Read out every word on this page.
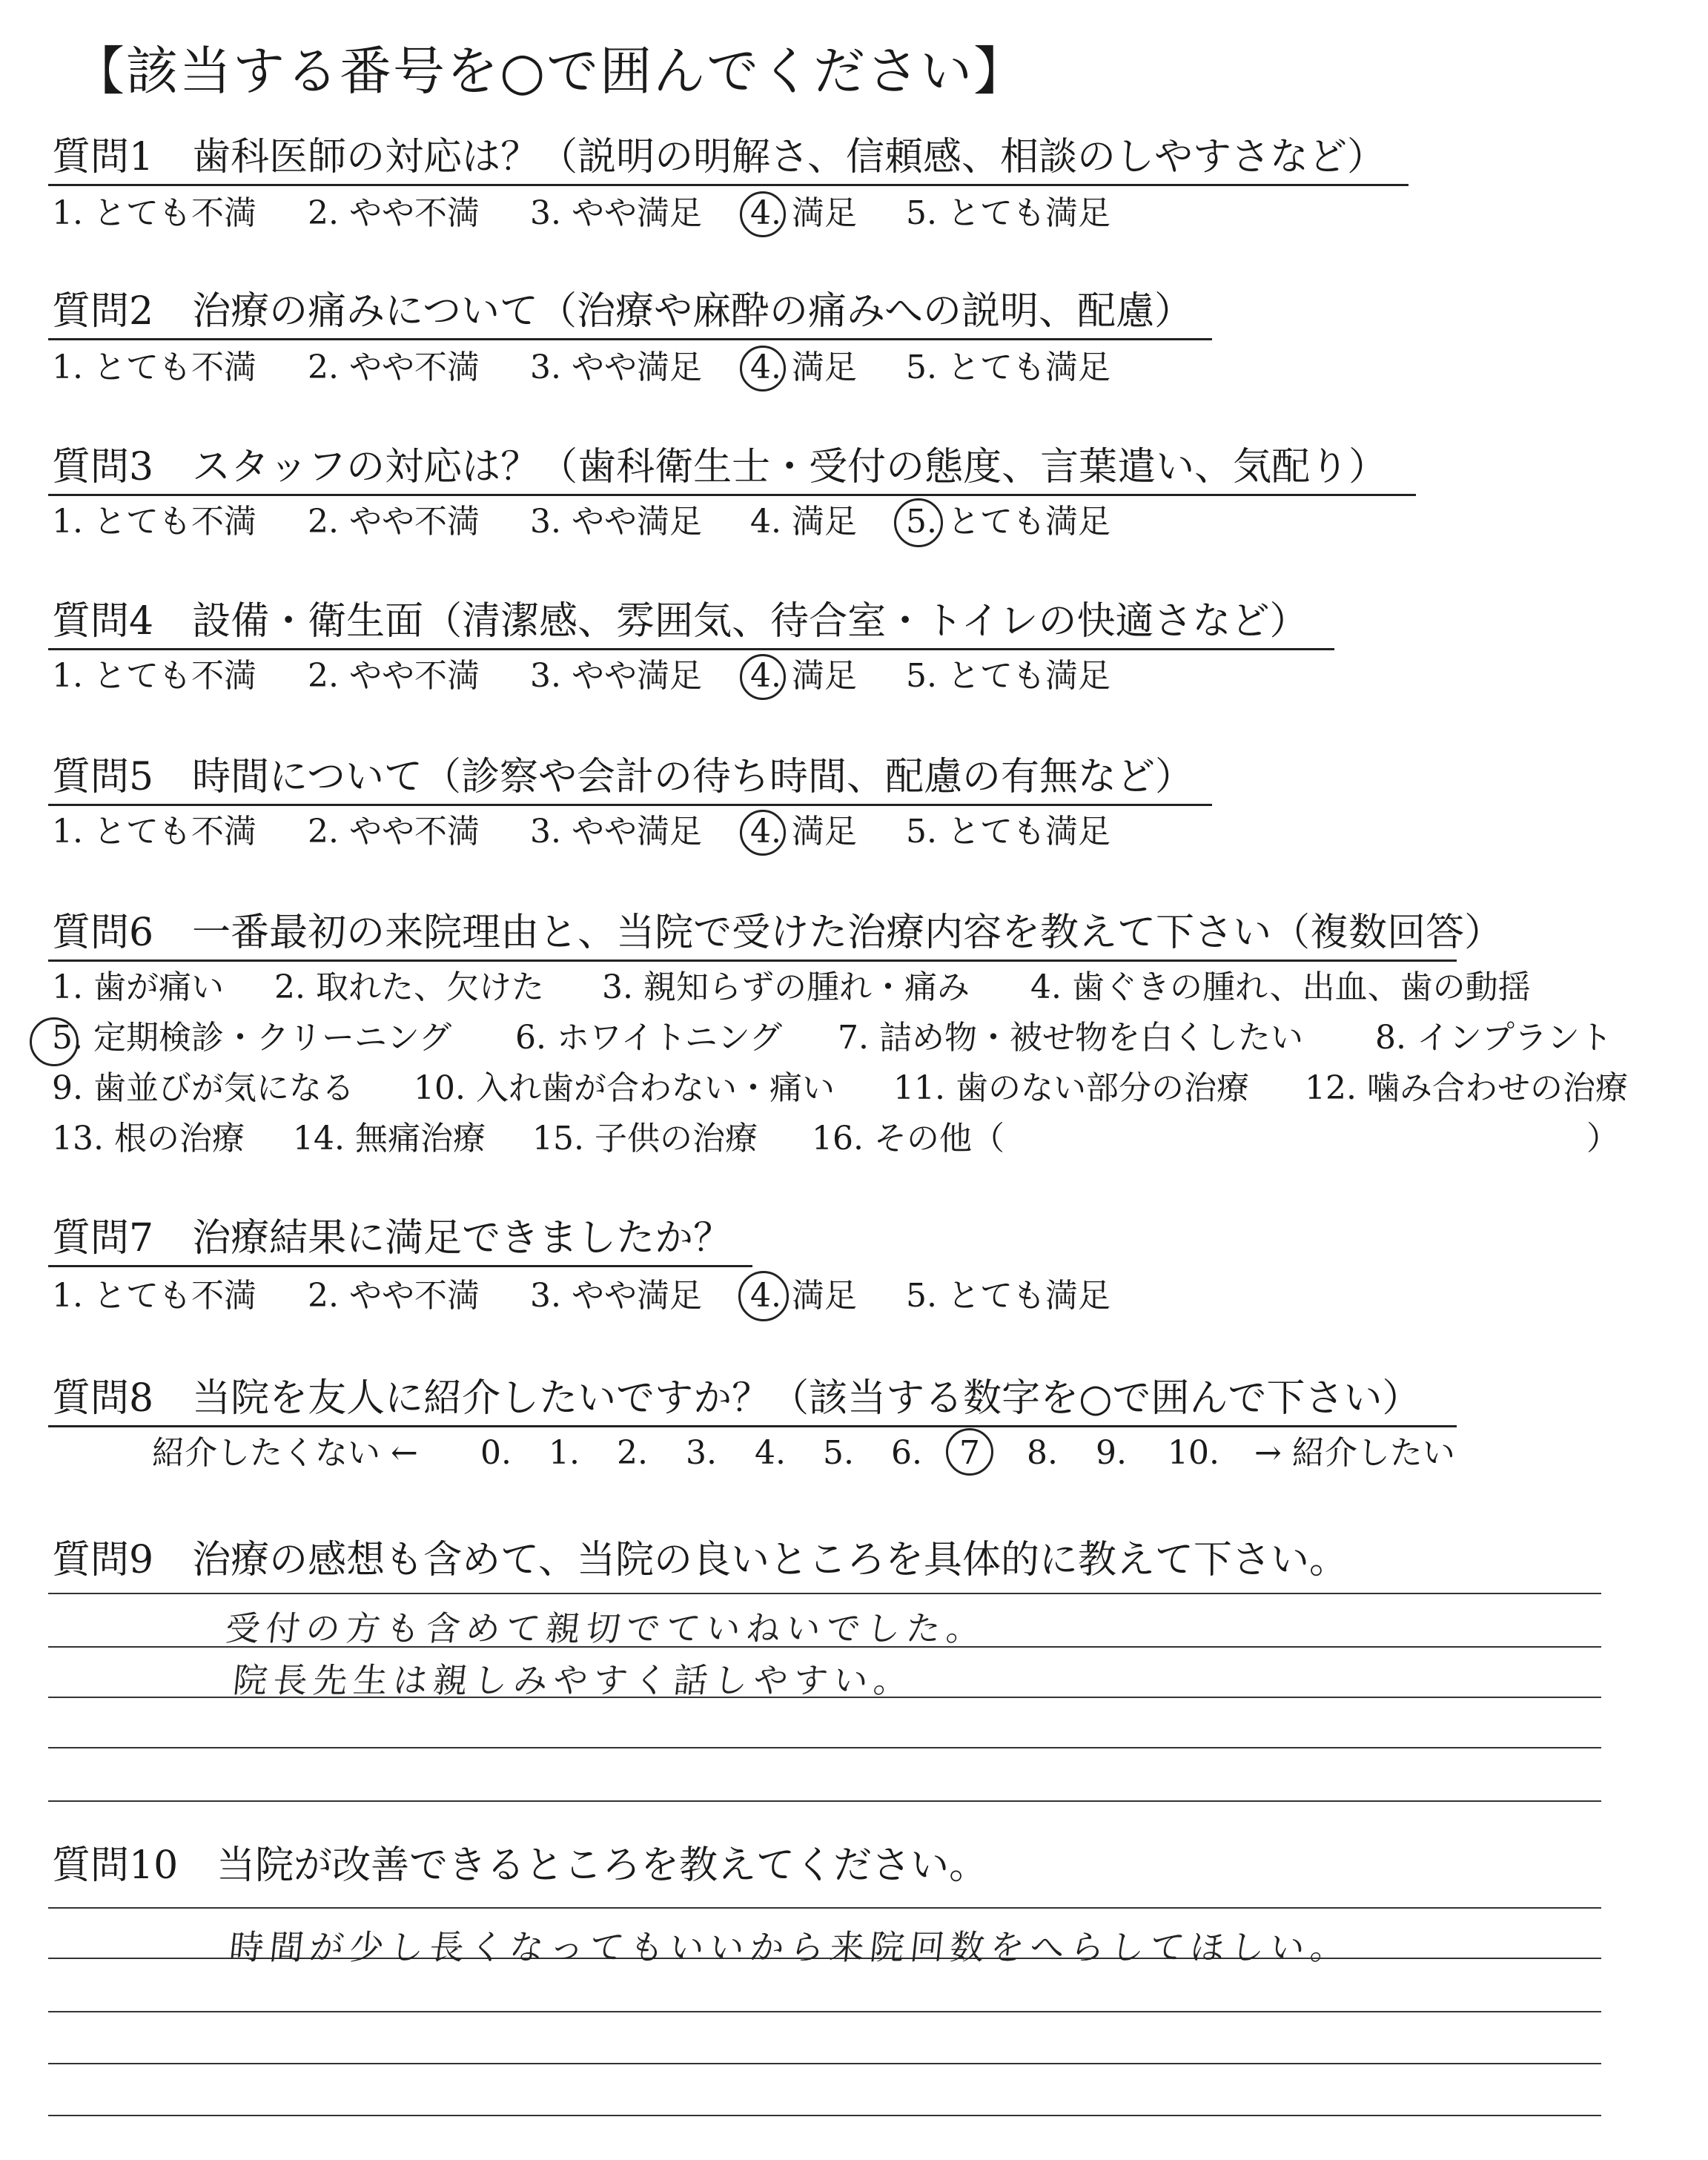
【該当する番号を○で囲んでください】
質問1　歯科医師の対応は？（説明の明解さ、信頼感、相談のしやすさなど）
1. とても不満 2. やや不満 3. やや満足 4. 満足 5. とても満足
質問2　治療の痛みについて（治療や麻酔の痛みへの説明、配慮）
1. とても不満 2. やや不満 3. やや満足 4. 満足 5. とても満足
質問3　スタッフの対応は？（歯科衛生士・受付の態度、言葉遣い、気配り）
1. とても不満 2. やや不満 3. やや満足 4. 満足 5. とても満足
質問4　設備・衛生面（清潔感、雰囲気、待合室・トイレの快適さなど）
1. とても不満 2. やや不満 3. やや満足 4. 満足 5. とても満足
質問5　時間について（診察や会計の待ち時間、配慮の有無など）
1. とても不満 2. やや不満 3. やや満足 4. 満足 5. とても満足
質問6　一番最初の来院理由と、当院で受けた治療内容を教えて下さい（複数回答）
1. 歯が痛い 2. 取れた、欠けた 3. 親知らずの腫れ・痛み 4. 歯ぐきの腫れ、出血、歯の動揺
5. 定期検診・クリーニング 6. ホワイトニング 7. 詰め物・被せ物を白くしたい 8. インプラント
9. 歯並びが気になる 10. 入れ歯が合わない・痛い 11. 歯のない部分の治療 12. 噛み合わせの治療
13. 根の治療 14. 無痛治療 15. 子供の治療 16. その他（	）
質問7　治療結果に満足できましたか？
1. とても不満 2. やや不満 3. やや満足 4. 満足 5. とても満足
質問8　当院を友人に紹介したいですか？（該当する数字を○で囲んで下さい）
紹介したくない ← 0. 1. 2. 3. 4. 5. 6. 7 8. 9. 10. → 紹介したい
質問9　治療の感想も含めて、当院の良いところを具体的に教えて下さい。
受付の方も含めて親切でていねいでした。
院長先生は親しみやすく話しやすい。
質問10　当院が改善できるところを教えてください。
時間が少し長くなってもいいから来院回数をへらしてほしい。
